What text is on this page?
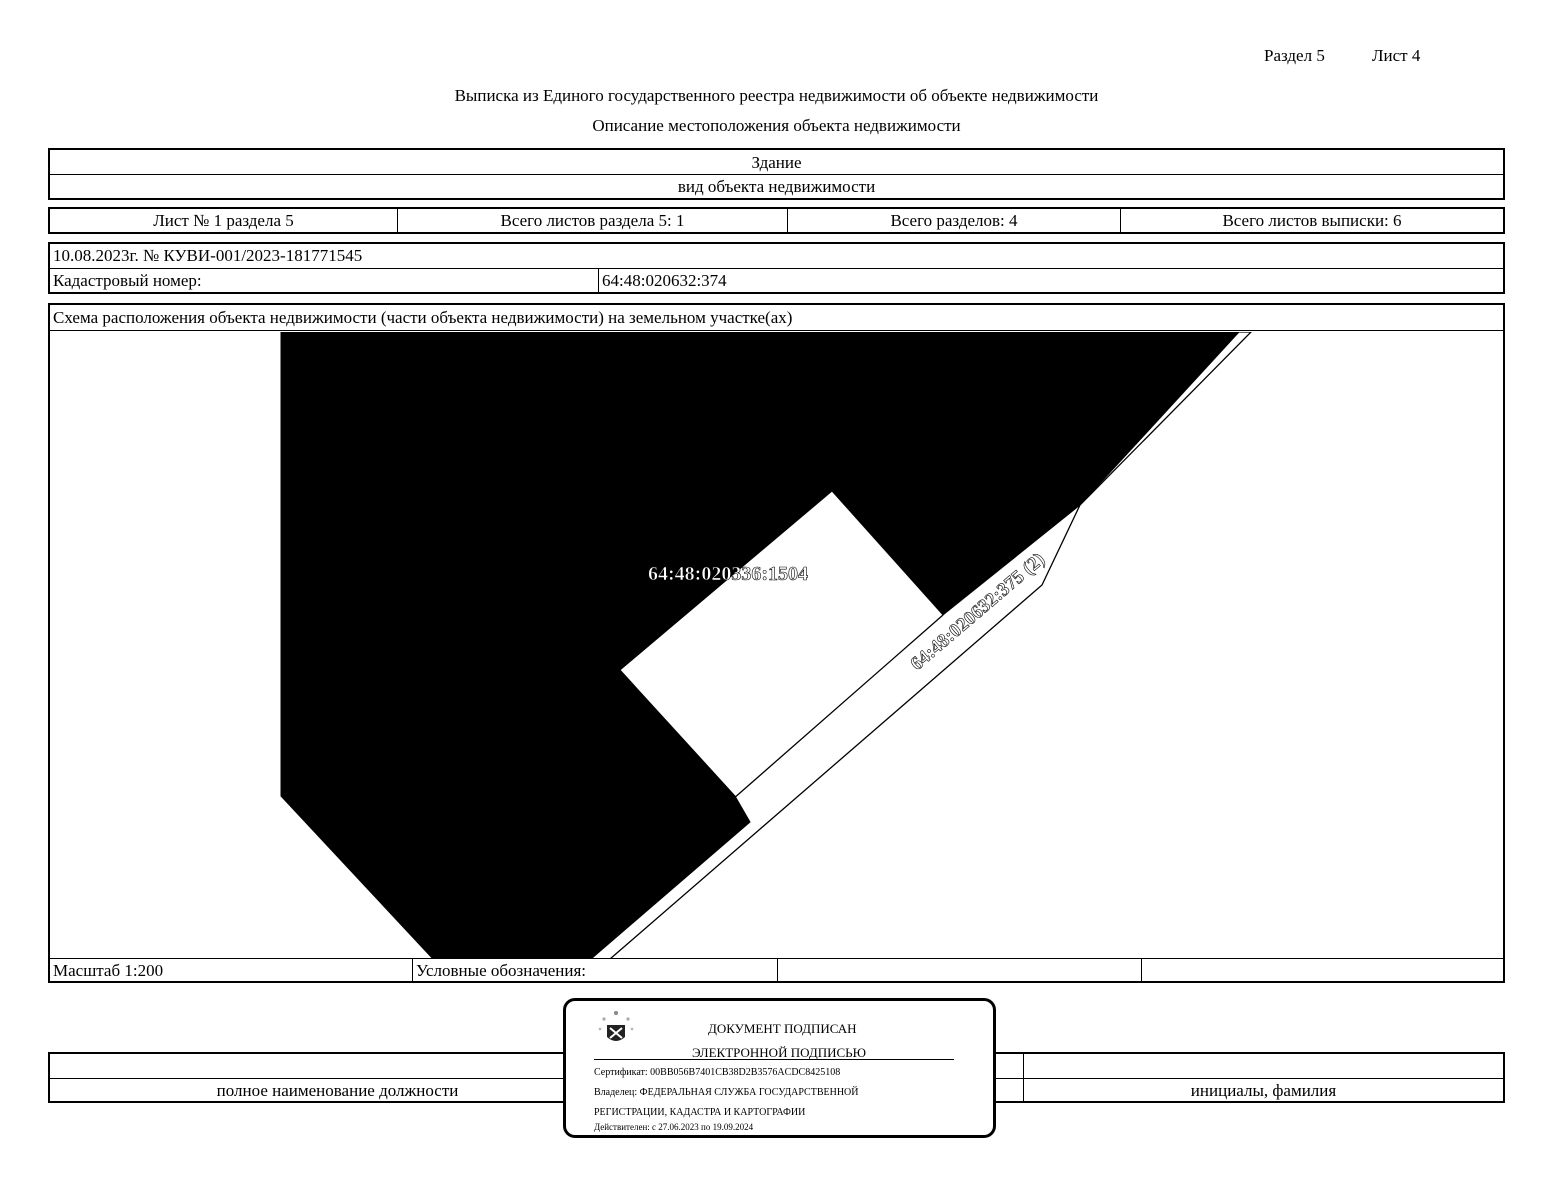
Раздел 5	Лист 4
Выписка из Единого государственного реестра недвижимости об объекте недвижимости
Описание местоположения объекта недвижимости
Здание
вид объекта недвижимости
Лист № 1 раздела 5	Всего листов раздела 5: 1	Всего разделов: 4	Всего листов выписки: 6
10.08.2023г. № КУВИ-001/2023-181771545
Кадастровый номер:	64:48:020632:374
Схема расположения объекта недвижимости (части объекта недвижимости) на земельном участке(ах)
64:48:020336:1504	64:48:020632:375 (2)
Масштаб 1:200	Условные обозначения:
полное наименование должности	инициалы, фамилия
ДОКУМЕНТ ПОДПИСАН
ЭЛЕКТРОННОЙ ПОДПИСЬЮ
Сертификат: 00BB056B7401CB38D2B3576ACDC8425108
Владелец: ФЕДЕРАЛЬНАЯ СЛУЖБА ГОСУДАРСТВЕННОЙ
РЕГИСТРАЦИИ, КАДАСТРА И КАРТОГРАФИИ
Действителен: с 27.06.2023 по 19.09.2024
